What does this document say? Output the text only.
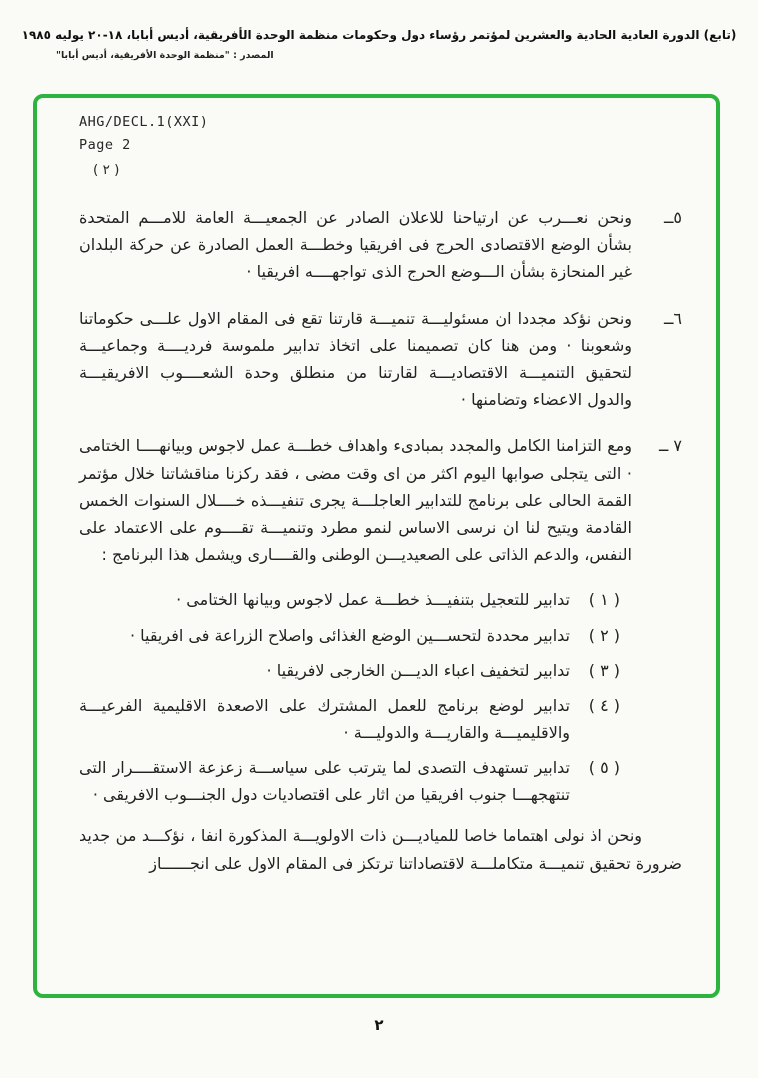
(تابع) الدورة العادية الحادية والعشرين لمؤتمر رؤساء دول وحكومات منظمة الوحدة الأفريقية، أديس أبابا، ١٨-٢٠ يوليه ١٩٨٥
المصدر : "منظمة الوحدة الأفريقية، أديس أبابا"
AHG/DECL.1(XXI)
Page 2
( ٢ )
٥ــ

ونحن نعـــرب عن ارتياحنا للاعلان الصادر عن الجمعيـــة العامة للامـــم المتحدة بشأن الوضع الاقتصادى الحرج فى افريقيا وخطـــة العمل الصادرة عن حركة البلدان غير المنحازة بشأن الـــوضع الحرج الذى تواجهــــه افريقيا ·

٦ــ

ونحن نؤكد مجددا ان مسئوليـــة تنميـــة قارتنا تقع فى المقام الاول علـــى حكوماتنا وشعوبنا · ومن هنا كان تصميمنا على اتخاذ تدابير ملموسة فرديــــة وجماعيـــة لتحقيق التنميـــة الاقتصاديـــة لقارتنا من منطلق وحدة الشعــــوب الافريقيـــة والدول الاعضاء وتضامنها ·

٧ ــ

ومع التزامنا الكامل والمجدد بمبادىء واهداف خطـــة عمل لاجوس وبيانهــــا الختامى · التى يتجلى صوابها اليوم اكثر من اى وقت مضى ، فقد ركزنا مناقشاتنا خلال مؤتمر القمة الحالى على برنامج للتدابير العاجلـــة يجرى تنفيـــذه خــــلال السنوات الخمس القادمة ويتيح لنا ان نرسى الاساس لنمو مطرد وتنميـــة تقــــوم على الاعتماد على النفس، والدعم الذاتى على الصعيديـــن الوطنى والقــــارى ويشمل هذا البرنامج :

( ١ )

تدابير للتعجيل بتنفيـــذ خطـــة عمل لاجوس وبيانها الختامى ·

( ٢ )

تدابير محددة لتحســـين الوضع الغذائى واصلاح الزراعة فى افريقيا ·

( ٣ )

تدابير لتخفيف اعباء الديـــن الخارجى لافريقيا ·

( ٤ )

تدابير لوضع برنامج للعمل المشترك على الاصعدة الاقليمية الفرعيـــة والاقليميـــة والقاريـــة والدوليـــة ·

( ٥ )

تدابير تستهدف التصدى لما يترتب على سياســـة زعزعة الاستقــــرار التى تنتهجهـــا جنوب افريقيا من اثار على اقتصاديات دول الجنـــوب الافريقى ·

ونحن اذ نولى اهتماما خاصا للمياديـــن ذات الاولويـــة المذكورة انفا ، نؤكـــد من جديد ضرورة تحقيق تنميـــة متكاملـــة لاقتصاداتنا ترتكز فى المقام الاول على انجــــــاز

٢
